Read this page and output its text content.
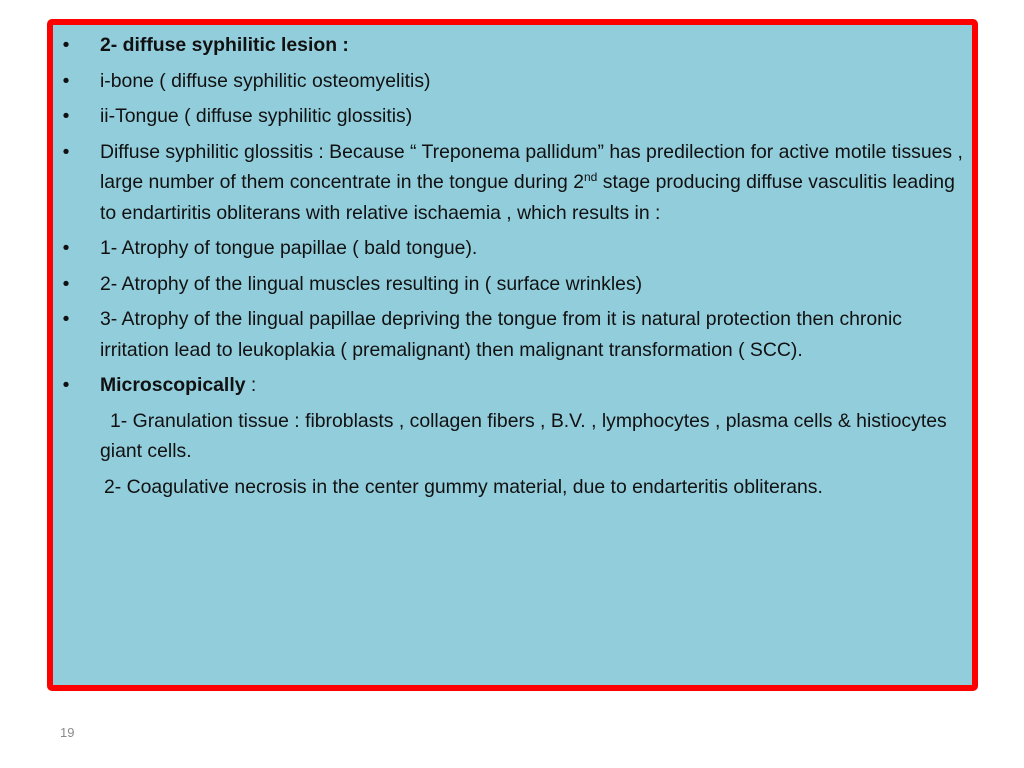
• 2- diffuse syphilitic lesion :
• i-bone ( diffuse syphilitic osteomyelitis)
• ii-Tongue ( diffuse syphilitic glossitis)
• Diffuse syphilitic glossitis : Because “ Treponema pallidum” has predilection for active motile tissues , large number of them concentrate in the tongue during 2nd stage producing diffuse vasculitis leading to endartiritis obliterans with relative ischaemia , which results in :
• 1- Atrophy of tongue papillae ( bald tongue).
• 2- Atrophy of the lingual muscles resulting in ( surface wrinkles)
• 3- Atrophy of the lingual papillae depriving the tongue from it is natural protection then chronic irritation lead to leukoplakia ( premalignant) then malignant transformation ( SCC).
• Microscopically :
1- Granulation tissue : fibroblasts , collagen fibers , B.V. , lymphocytes , plasma cells & histiocytes giant cells.
2- Coagulative necrosis in the center gummy material, due to endarteritis obliterans.
19
